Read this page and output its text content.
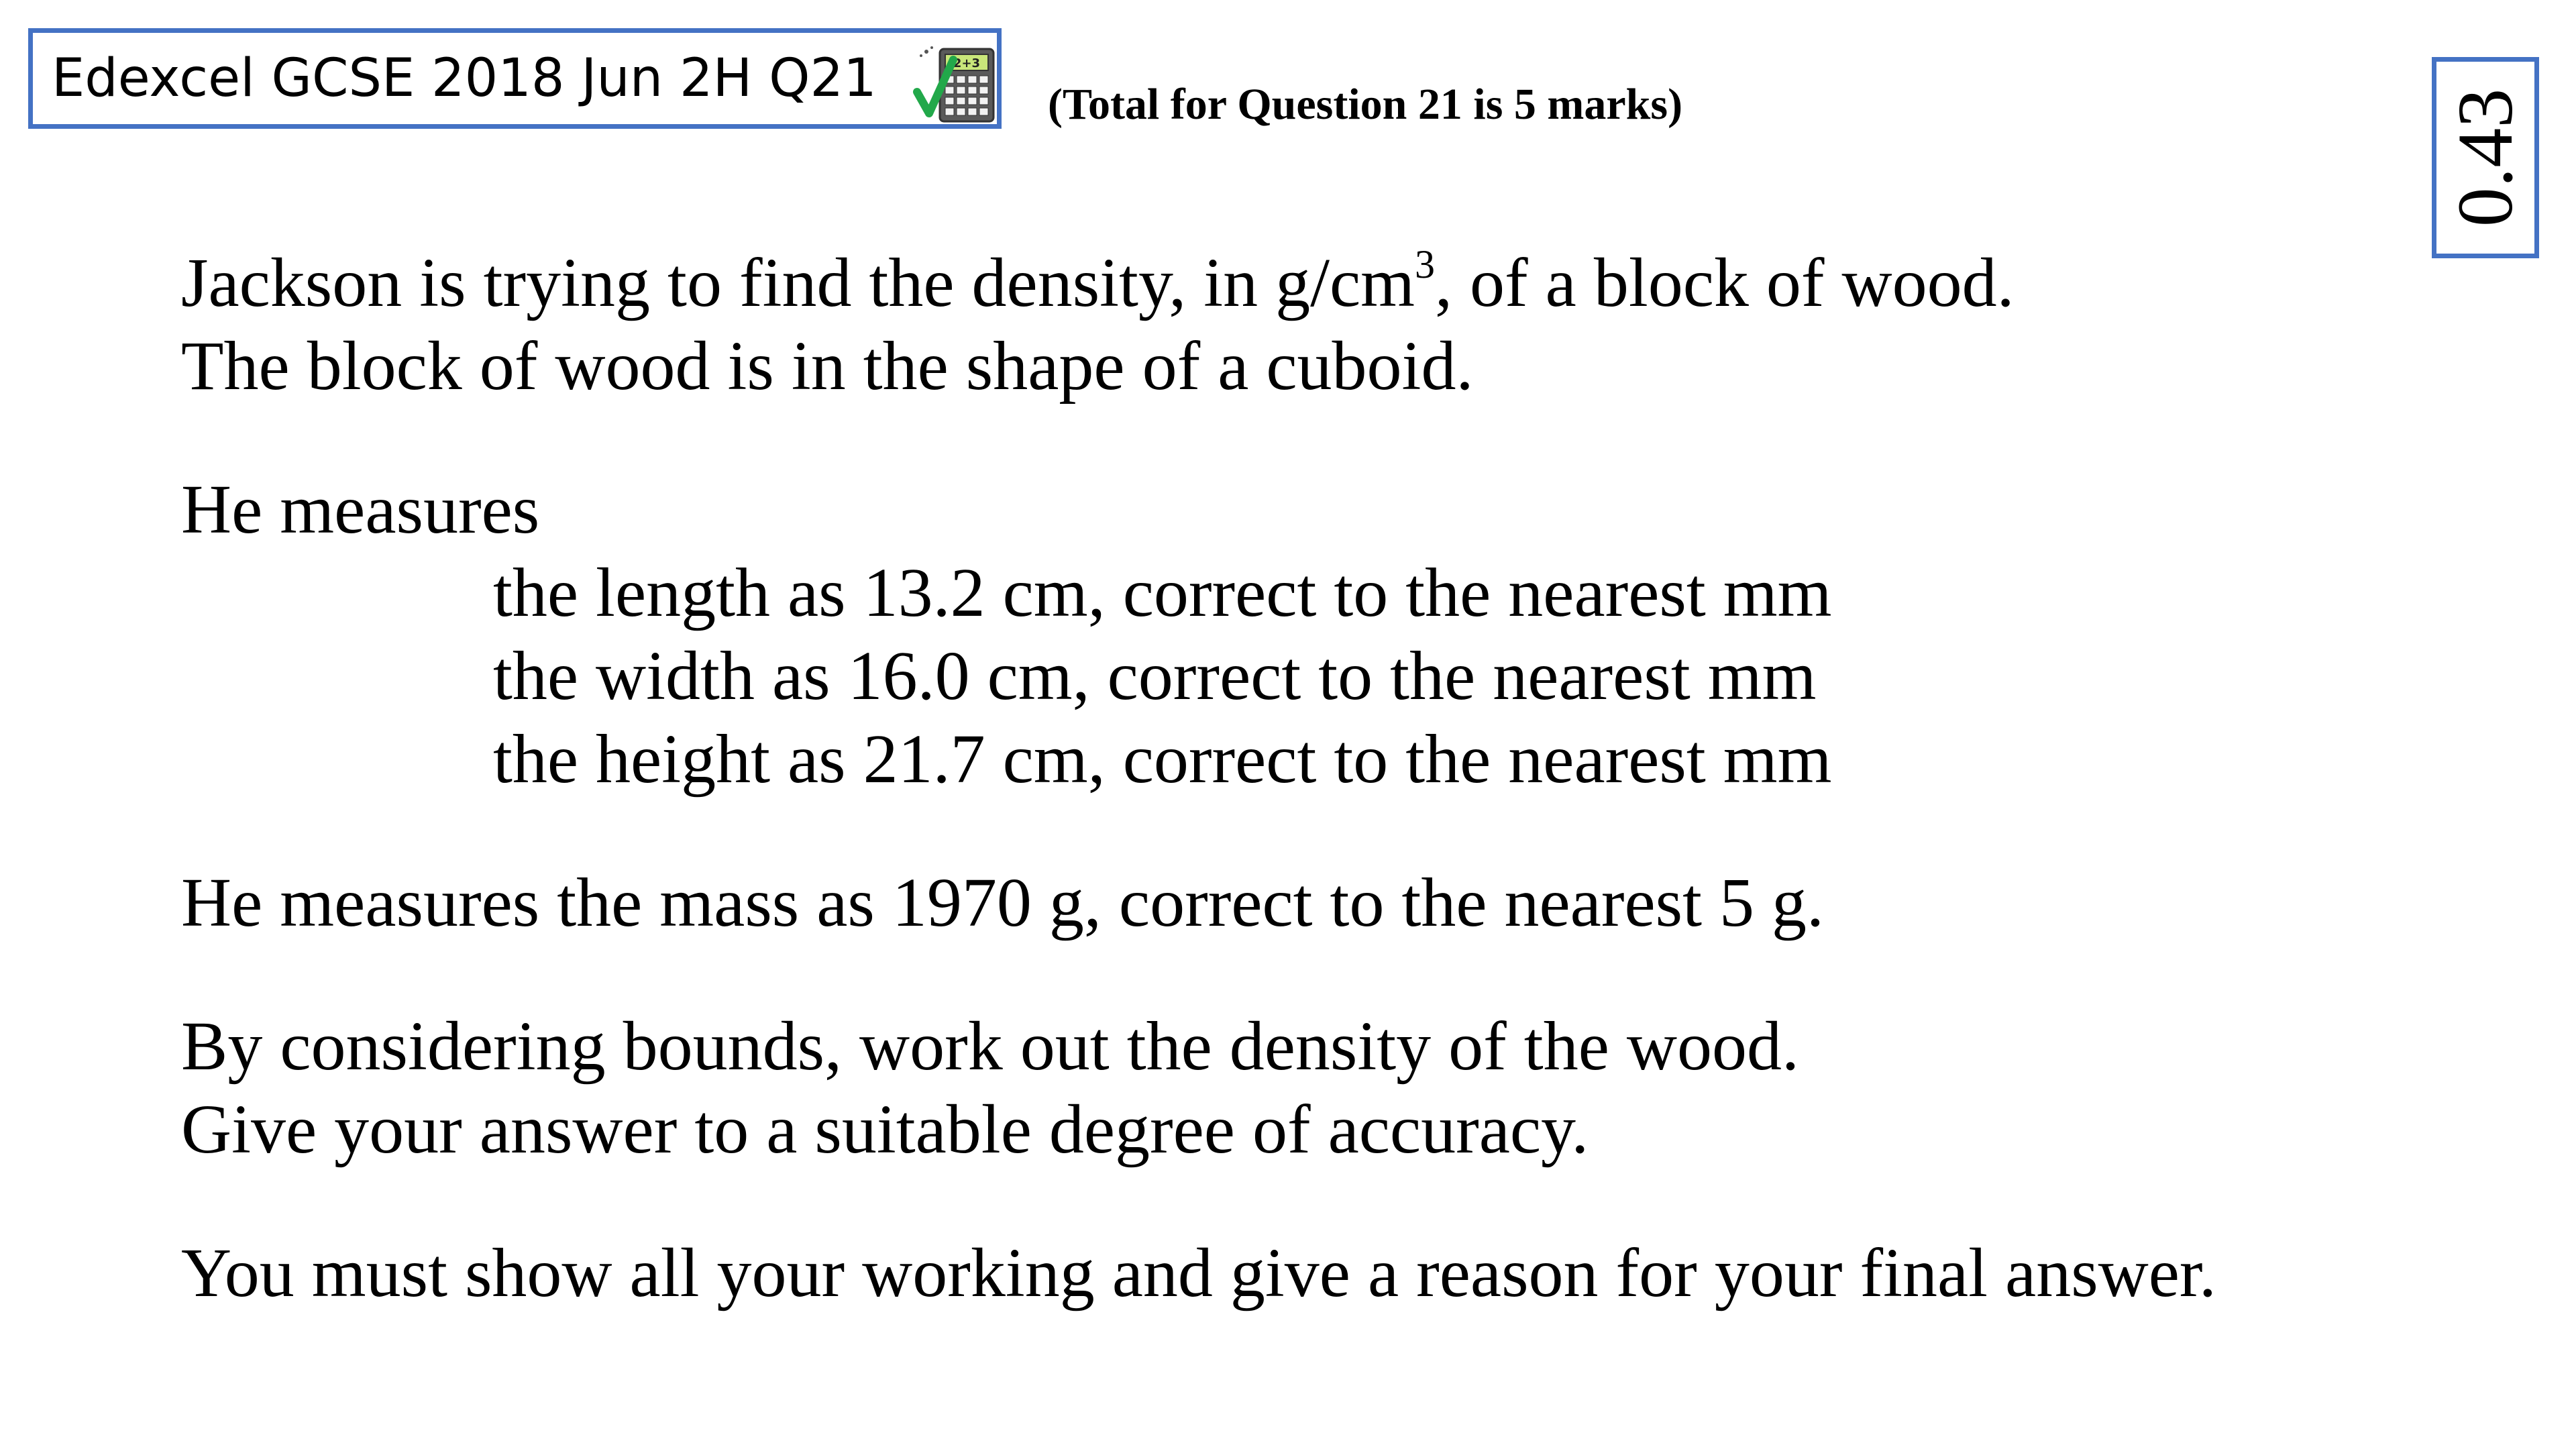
Edexcel GCSE 2018 Jun 2H Q21	2+3
(Total for Question 21 is 5 marks)	0.43
Jackson is trying to find the density, in $g/cm^3$, of a block of wood.
The block of wood is in the shape of a cuboid.
He measures
the length as 13.2 cm, correct to the nearest mm
the width as 16.0 cm, correct to the nearest mm
the height as 21.7 cm, correct to the nearest mm
He measures the mass as 1970 g, correct to the nearest 5 g.
By considering bounds, work out the density of the wood.
Give your answer to a suitable degree of accuracy.
You must show all your working and give a reason for your final answer.
